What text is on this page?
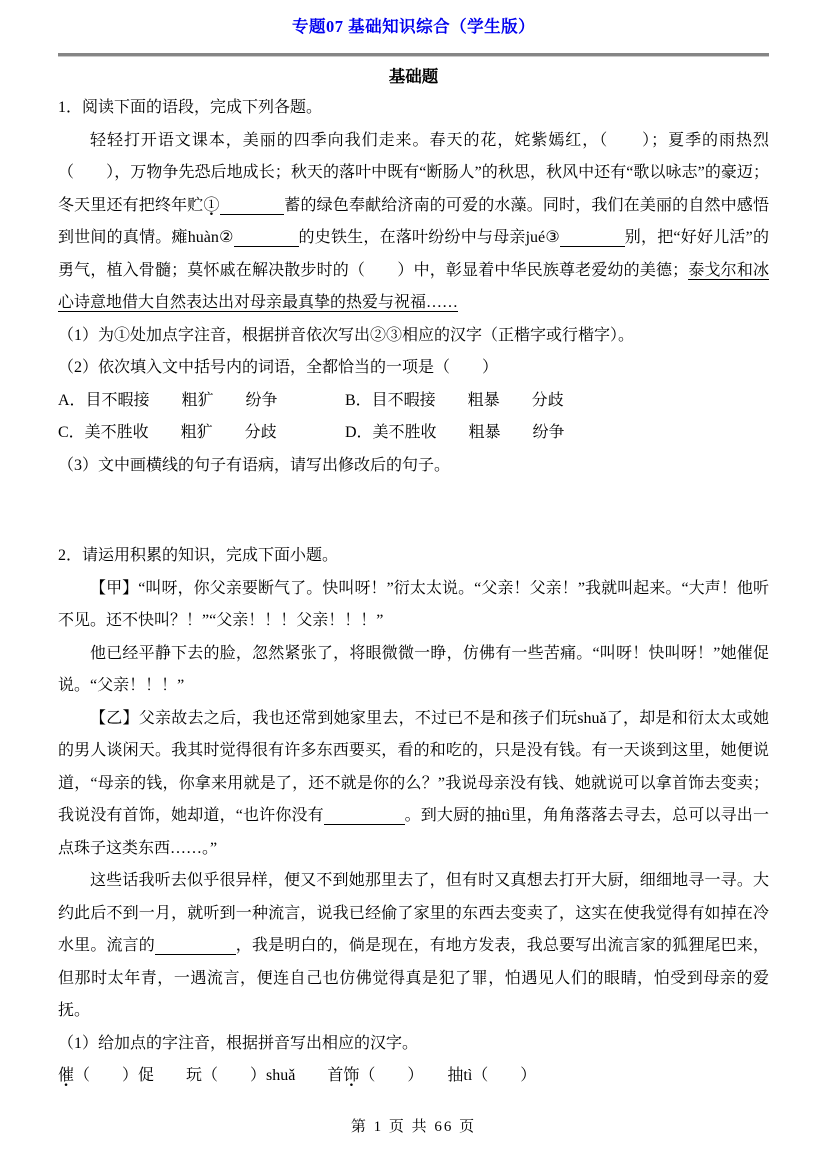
专题07 基础知识综合（学生版）
基础题
1．阅读下面的语段，完成下列各题。
轻轻打开语文课本，美丽的四季向我们走来。春天的花，姹紫嫣红，（　　）；夏季的雨热烈（　　），万物争先恐后地成长；秋天的落叶中既有“断肠人”的秋思，秋风中还有“歌以咏志”的豪迈；冬天里还有把终年贮①　　　　	蓄的绿色奉献给济南的可爱的水藻。同时，我们在美丽的自然中感悟到世间的真情。瘫huàn②　　　　	的史铁生，在落叶纷纷中与母亲jué③　　　　	别，把“好好儿活”的勇气，植入骨髓；莫怀戚在解决散步时的（　　）中，彰显着中华民族尊老爱幼的美德；泰戈尔和冰心诗意地借大自然表达出对母亲最真挚的热爱与祝福……
（1）为①处加点字注音，根据拼音依次写出②③相应的汉字（正楷字或行楷字）。
（2）依次填入文中括号内的词语，全都恰当的一项是（　　）
A．目不暇接　　粗犷　　纷争	B．目不暇接　　粗暴　　分歧
C．美不胜收　　粗犷　　分歧	D．美不胜收　　粗暴　　纷争
（3）文中画横线的句子有语病，请写出修改后的句子。
2．请运用积累的知识，完成下面小题。
【甲】“叫呀，你父亲要断气了。快叫呀！”衍太太说。“父亲！父亲！”我就叫起来。“大声！他听不见。还不快叫？！”“父亲！！！父亲！！！”
他已经平静下去的脸，忽然紧张了，将眼微微一睁，仿佛有一些苦痛。“叫呀！快叫呀！”她催促说。“父亲！！！”
【乙】父亲故去之后，我也还常到她家里去，不过已不是和孩子们玩shuǎ了，却是和衍太太或她的男人谈闲天。我其时觉得很有许多东西要买，看的和吃的，只是没有钱。有一天谈到这里，她便说道，“母亲的钱，你拿来用就是了，还不就是你的么？”我说母亲没有钱、她就说可以拿首饰去变卖；我说没有首饰，她却道，“也许你没有　　　　　	。到大厨的抽tì里，角角落落去寻去，总可以寻出一点珠子这类东西……。”
这些话我听去似乎很异样，便又不到她那里去了，但有时又真想去打开大厨，细细地寻一寻。大约此后不到一月，就听到一种流言，说我已经偷了家里的东西去变卖了，这实在使我觉得有如掉在冷水里。流言的　　　　　	，我是明白的，倘是现在，有地方发表，我总要写出流言家的狐狸尾巴来，但那时太年青，一遇流言，便连自己也仿佛觉得真是犯了罪，怕遇见人们的眼睛，怕受到母亲的爱抚。
（1）给加点的字注音，根据拼音写出相应的汉字。
催（　　）促　　玩（　　）shuǎ　　首饰（　　）　　抽tì（　　）
第 1 页 共 66 页
